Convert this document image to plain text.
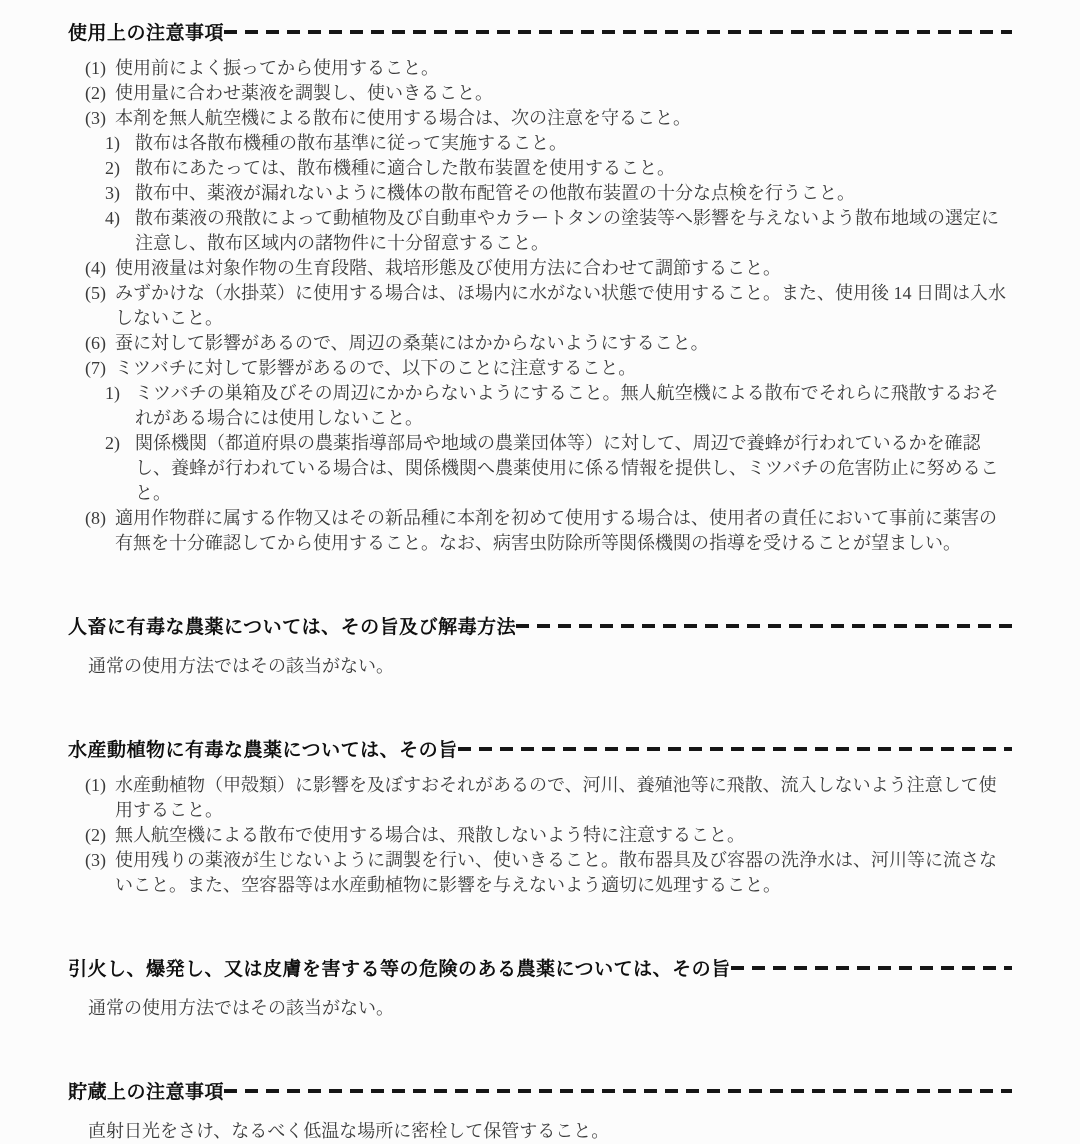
使用上の注意事項
(1) 使用前によく振ってから使用すること。
(2) 使用量に合わせ薬液を調製し、使いきること。
(3) 本剤を無人航空機による散布に使用する場合は、次の注意を守ること。
1) 散布は各散布機種の散布基準に従って実施すること。
2) 散布にあたっては、散布機種に適合した散布装置を使用すること。
3) 散布中、薬液が漏れないように機体の散布配管その他散布装置の十分な点検を行うこと。
4) 散布薬液の飛散によって動植物及び自動車やカラートタンの塗装等へ影響を与えないよう散布地域の選定に注意し、散布区域内の諸物件に十分留意すること。
(4) 使用液量は対象作物の生育段階、栽培形態及び使用方法に合わせて調節すること。
(5) みずかけな（水掛菜）に使用する場合は、ほ場内に水がない状態で使用すること。また、使用後 14 日間は入水しないこと。
(6) 蚕に対して影響があるので、周辺の桑葉にはかからないようにすること。
(7) ミツバチに対して影響があるので、以下のことに注意すること。
1) ミツバチの巣箱及びその周辺にかからないようにすること。無人航空機による散布でそれらに飛散するおそれがある場合には使用しないこと。
2) 関係機関（都道府県の農薬指導部局や地域の農業団体等）に対して、周辺で養蜂が行われているかを確認し、養蜂が行われている場合は、関係機関へ農薬使用に係る情報を提供し、ミツバチの危害防止に努めること。
(8) 適用作物群に属する作物又はその新品種に本剤を初めて使用する場合は、使用者の責任において事前に薬害の有無を十分確認してから使用すること。なお、病害虫防除所等関係機関の指導を受けることが望ましい。
人畜に有毒な農薬については、その旨及び解毒方法
通常の使用方法ではその該当がない。
水産動植物に有毒な農薬については、その旨
(1) 水産動植物（甲殻類）に影響を及ぼすおそれがあるので、河川、養殖池等に飛散、流入しないよう注意して使用すること。
(2) 無人航空機による散布で使用する場合は、飛散しないよう特に注意すること。
(3) 使用残りの薬液が生じないように調製を行い、使いきること。散布器具及び容器の洗浄水は、河川等に流さないこと。また、空容器等は水産動植物に影響を与えないよう適切に処理すること。
引火し、爆発し、又は皮膚を害する等の危険のある農薬については、その旨
通常の使用方法ではその該当がない。
貯蔵上の注意事項
直射日光をさけ、なるべく低温な場所に密栓して保管すること。
